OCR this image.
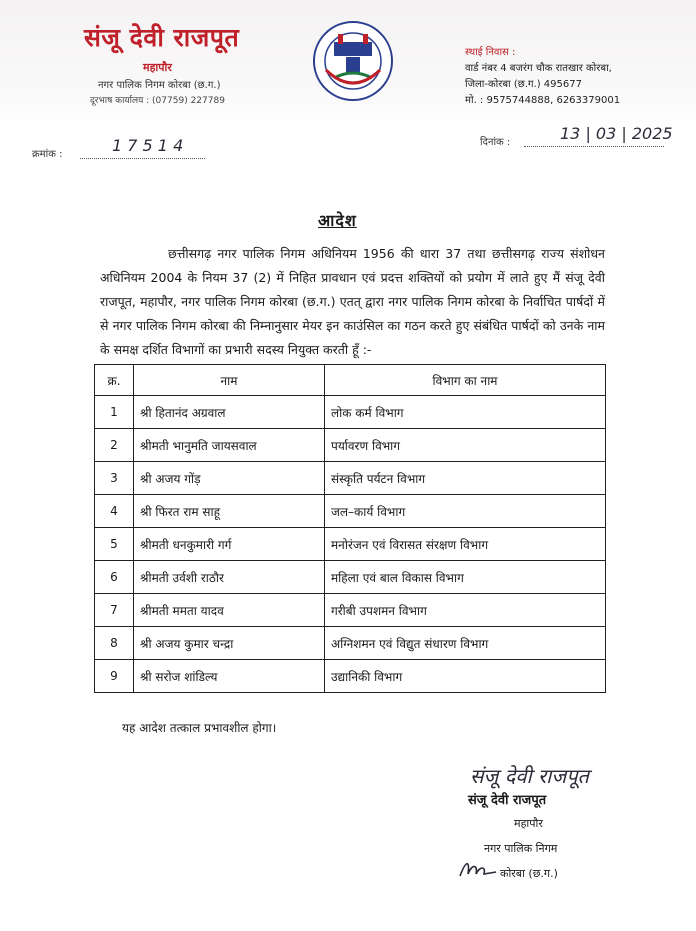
संजू देवी राजपूत
महापौर
नगर पालिक निगम कोरबा (छ.ग.)
दूरभाष कार्यालय : (07759) 227789
स्थाई निवास :
वार्ड नंबर 4 बजरंग चौक रातखार कोरबा,
जिला-कोरबा (छ.ग.) 495677
मो. : 9575744888, 6263379001
क्रमांक :	1 7 5 1 4	दिनांक :	13 | 03 | 2025
आदेश
छत्तीसगढ़ नगर पालिक निगम अधिनियम 1956 की धारा 37 तथा छत्तीसगढ़ राज्य संशोधन अधिनियम 2004 के नियम 37 (2) में निहित प्रावधान एवं प्रदत्त शक्तियों को प्रयोग में लाते हुए मैं संजू देवी राजपूत, महापौर, नगर पालिक निगम कोरबा (छ.ग.) एतत् द्वारा नगर पालिक निगम कोरबा के निर्वाचित पार्षदों में से नगर पालिक निगम कोरबा की निम्नानुसार मेयर इन काउंसिल का गठन करते हुए संबंधित पार्षदों को उनके नाम के समक्ष दर्शित विभागों का प्रभारी सदस्य नियुक्त करती हूँ :-
क्र.	नाम	विभाग का नाम
1	श्री हितानंद अग्रवाल	लोक कर्म विभाग
2	श्रीमती भानुमति जायसवाल	पर्यावरण विभाग
3	श्री अजय गोंड़	संस्कृति पर्यटन विभाग
4	श्री फिरत राम साहू	जल–कार्य विभाग
5	श्रीमती धनकुमारी गर्ग	मनोरंजन एवं विरासत संरक्षण विभाग
6	श्रीमती उर्वशी राठौर	महिला एवं बाल विकास विभाग
7	श्रीमती ममता यादव	गरीबी उपशमन विभाग
8	श्री अजय कुमार चन्द्रा	अग्निशमन एवं विद्युत संधारण विभाग
9	श्री सरोज शांडिल्य	उद्यानिकी विभाग
यह आदेश तत्काल प्रभावशील होगा।
संजू देवी राजपूत
संजू देवी राजपूत
महापौर
नगर पालिक निगम
कोरबा (छ.ग.)
